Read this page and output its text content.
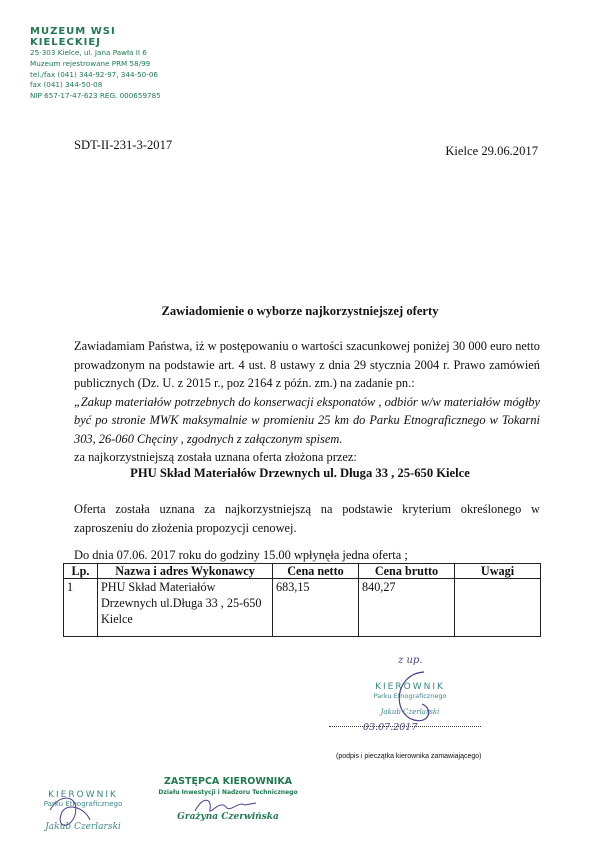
MUZEUM WSI KIELECKIEJ
25-303 Kielce, ul. Jana Pawła II 6
Muzeum rejestrowane PRM 58/99
tel./fax (041) 344-92-97, 344-50-06
fax (041) 344-50-08
NIP 657-17-47-623 REG. 000659785
SDT-II-231-3-2017	Kielce 29.06.2017
Zawiadomienie o wyborze najkorzystniejszej oferty
Zawiadamiam Państwa, iż w postępowaniu o wartości szacunkowej poniżej 30 000 euro netto prowadzonym na podstawie art. 4 ust. 8 ustawy z dnia 29 stycznia 2004 r. Prawo zamówień publicznych (Dz. U. z 2015 r., poz 2164 z późn. zm.) na zadanie pn.:
„Zakup materiałów potrzebnych do konserwacji eksponatów , odbiór w/w materiałów mógłby być po stronie MWK maksymalnie w promieniu 25 km do Parku Etnograficznego w Tokarni 303, 26-060 Chęciny , zgodnych z załączonym spisem.
za najkorzystniejszą została uznana oferta złożona przez:
PHU Skład Materiałów Drzewnych ul. Długa 33 , 25-650 Kielce
Oferta została uznana za najkorzystniejszą na podstawie kryterium określonego w zaproszeniu do złożenia propozycji cenowej.
Do dnia 07.06. 2017 roku do godziny 15.00 wpłynęła jedna oferta ;
Lp.	Nazwa i adres Wykonawcy	Cena netto	Cena brutto	Uwagi
1	PHU Skład Materiałów Drzewnych ul.Długa 33 , 25-650 Kielce	683,15	840,27	
z up.
KIEROWNIK
Parku Etnograficznego
Jakub Czerlarski
03.07.2017
(podpis i pieczątka kierownika zamawiającego)
KIEROWNIK
Parku Etnograficznego
Jakub Czerlarski
ZASTĘPCA KIEROWNIKA
Działu Inwestycji i Nadzoru Technicznego
Grażyna Czerwińska
